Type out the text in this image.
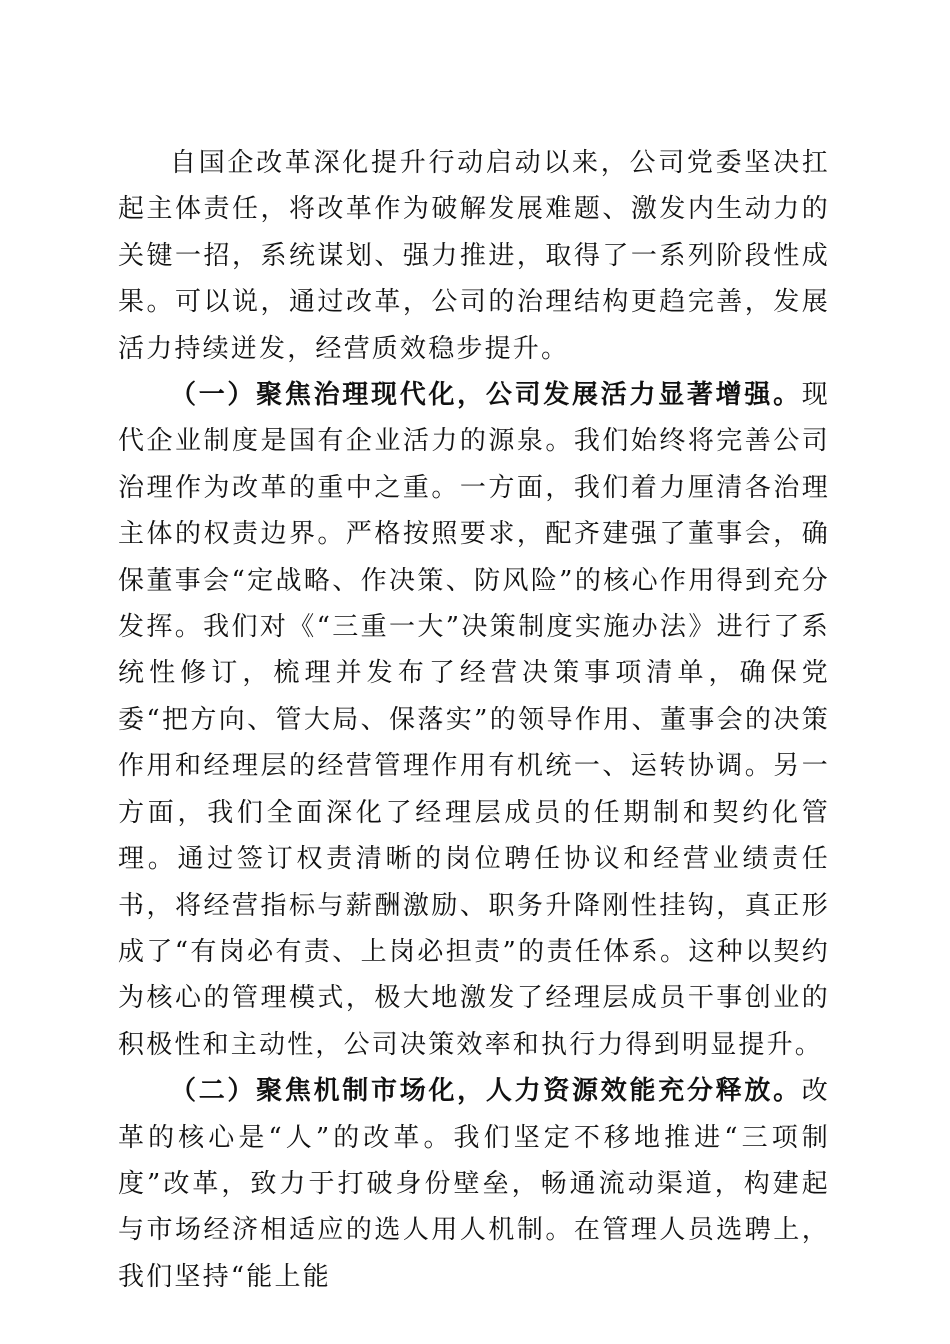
自国企改革深化提升行动启动以来，公司党委坚决扛起主体责任，将改革作为破解发展难题、激发内生动力的关键一招，系统谋划、强力推进，取得了一系列阶段性成果。可以说，通过改革，公司的治理结构更趋完善，发展活力持续迸发，经营质效稳步提升。

（一）聚焦治理现代化，公司发展活力显著增强。现代企业制度是国有企业活力的源泉。我们始终将完善公司治理作为改革的重中之重。一方面，我们着力厘清各治理主体的权责边界。严格按照要求，配齐建强了董事会，确保董事会“定战略、作决策、防风险”的核心作用得到充分发挥。我们对《“三重一大”决策制度实施办法》进行了系统性修订，梳理并发布了经营决策事项清单，确保党委“把方向、管大局、保落实”的领导作用、董事会的决策作用和经理层的经营管理作用有机统一、运转协调。另一方面，我们全面深化了经理层成员的任期制和契约化管理。通过签订权责清晰的岗位聘任协议和经营业绩责任书，将经营指标与薪酬激励、职务升降刚性挂钩，真正形成了“有岗必有责、上岗必担责”的责任体系。这种以契约为核心的管理模式，极大地激发了经理层成员干事创业的积极性和主动性，公司决策效率和执行力得到明显提升。

（二）聚焦机制市场化，人力资源效能充分释放。改革的核心是“人”的改革。我们坚定不移地推进“三项制度”改革，致力于打破身份壁垒，畅通流动渠道，构建起与市场经济相适应的选人用人机制。在管理人员选聘上，我们坚持“能上能
